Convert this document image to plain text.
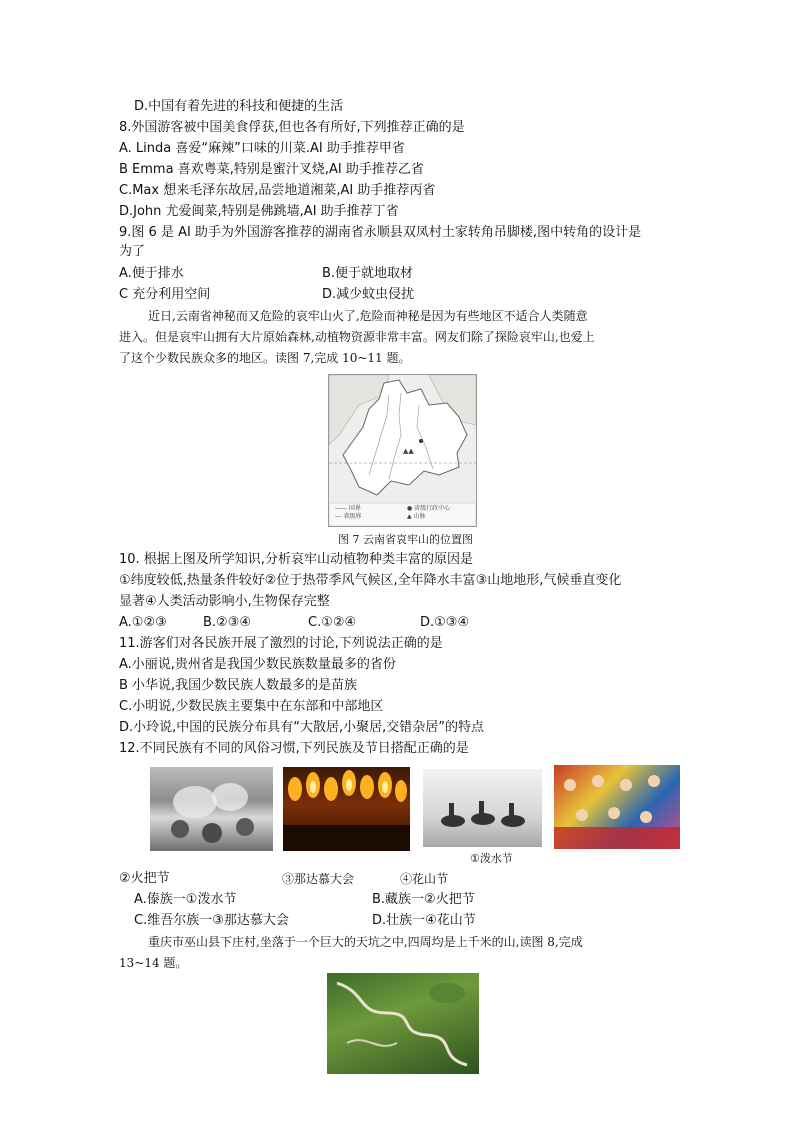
D.中国有着先进的科技和便捷的生活
8.外国游客被中国美食俘获,但也各有所好,下列推荐正确的是
A. Linda 喜爱“麻辣”口味的川菜.AI 助手推荐甲省
B Emma 喜欢粤菜,特别是蜜汁叉烧,AI 助手推荐乙省
C.Max 想来毛泽东故居,品尝地道湘菜,AI 助手推荐丙省
D.John 尤爱闽菜,特别是佛跳墙,AI 助手推荐丁省
9.图 6 是 AI 助手为外国游客推荐的湖南省永顺县双凤村土家转角吊脚楼,图中转角的设计是
为了
A.便于排水	B.便于就地取材
C 充分利用空间	D.减少蚊虫侵扰
近日,云南省神秘而又危险的哀牢山火了,危险而神秘是因为有些地区不适合人类随意
进入。但是哀牢山拥有大片原始森林,动植物资源非常丰富。网友们除了探险哀牢山,也爱上
了这个少数民族众多的地区。读图 7,完成 10~11 题。
▲▲
—— 国界
--- 省级界
● 省级行政中心
▲ 山脉
图 7 云南省哀牢山的位置图
10. 根据上图及所学知识,分析哀牢山动植物种类丰富的原因是
①纬度较低,热量条件较好②位于热带季风气候区,全年降水丰富③山地地形,气候垂直变化
显著④人类活动影响小,生物保存完整
A.①②③	B.②③④	C.①②④	D.①③④
11.游客们对各民族开展了激烈的讨论,下列说法正确的是
A.小丽说,贵州省是我国少数民族数量最多的省份
B 小华说,我国少数民族人数最多的是苗族
C.小明说,少数民族主要集中在东部和中部地区
D.小玲说,中国的民族分布具有“大散居,小聚居,交错杂居”的特点
12.不同民族有不同的风俗习惯,下列民族及节日搭配正确的是
①泼水节
②火把节	③那达慕大会	④花山节
A.傣族一①泼水节	B.藏族一②火把节
C.维吾尔族一③那达慕大会	D.壮族一④花山节
重庆市巫山县下庄村,坐落于一个巨大的天坑之中,四周均是上千米的山,读图 8,完成
13~14 题。
